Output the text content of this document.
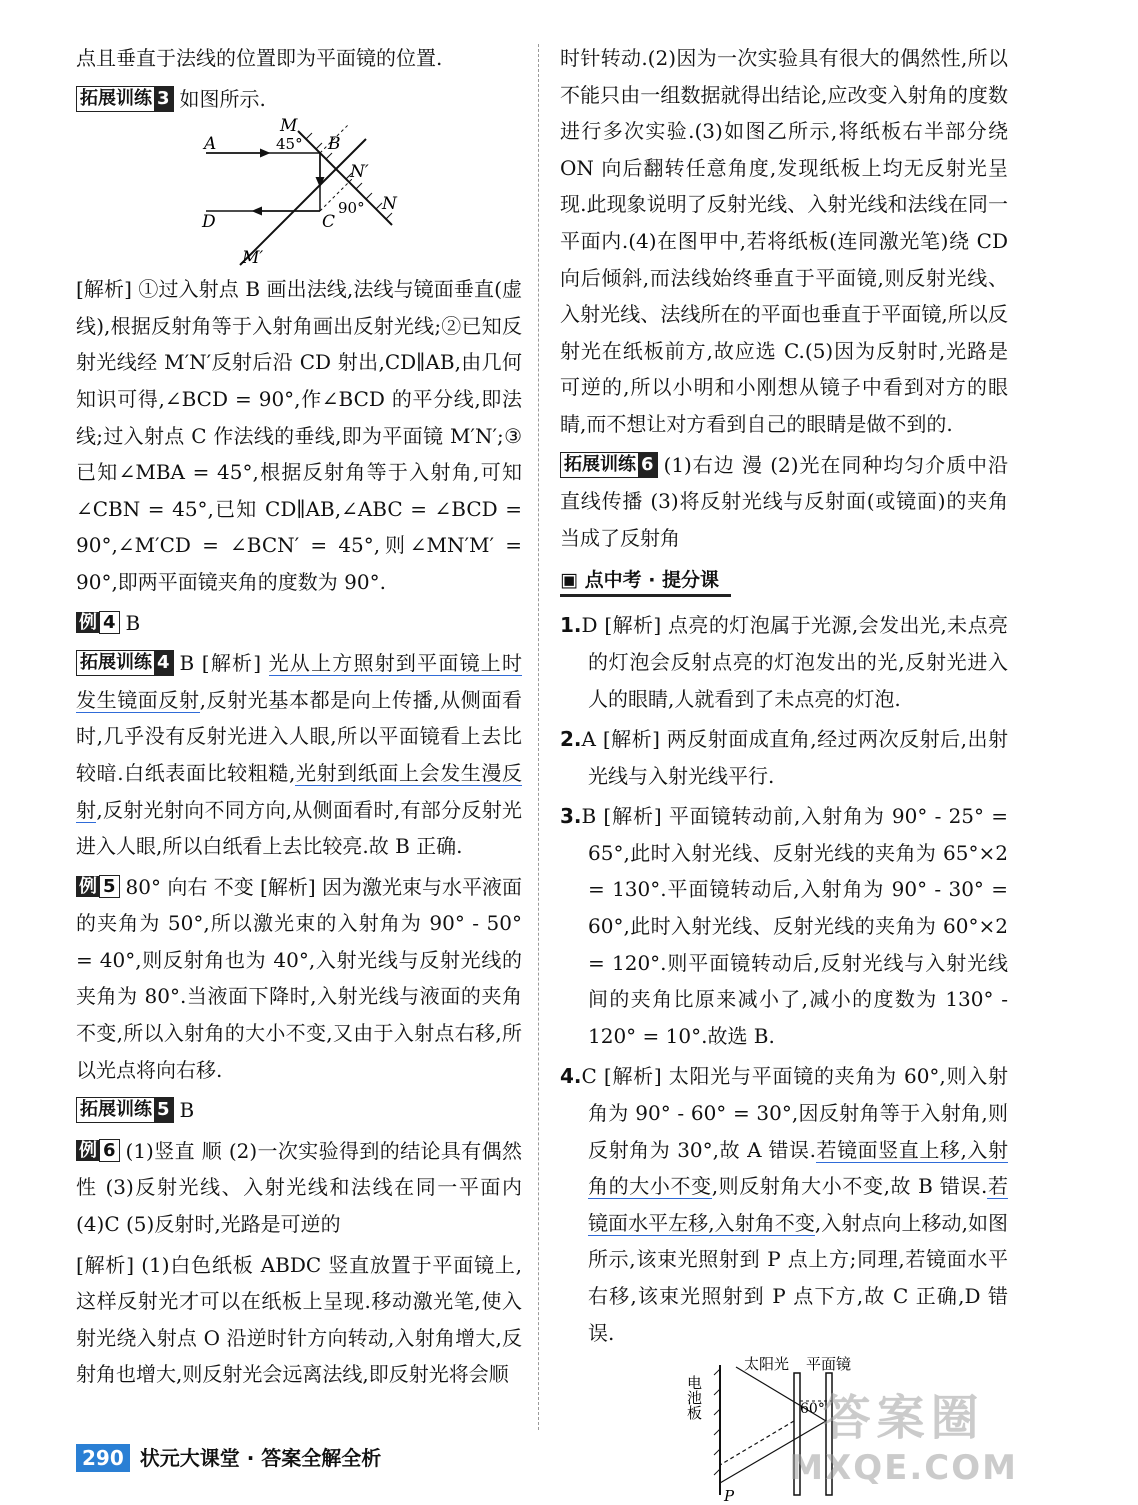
点且垂直于法线的位置即为平面镜的位置.

拓展训练 3 如图所示.

M
A	45° B
N′
D	C
90° N
M′

[解析] ①过入射点 B 画出法线,法线与镜面垂直(虚线),根据反射角等于入射角画出反射光线;②已知反射光线经 M′N′反射后沿 CD 射出,CD∥AB,由几何知识可得,∠BCD = 90°,作∠BCD 的平分线,即法线;过入射点 C 作法线的垂线,即为平面镜 M′N′;③已知∠MBA = 45°,根据反射角等于入射角,可知∠CBN = 45°,已知 CD∥AB,∠ABC = ∠BCD = 90°,∠M′CD = ∠BCN′ = 45°,则∠MN′M′ = 90°,即两平面镜夹角的度数为 90°.

例 4 B

拓展训练 4 B [解析] 光从上方照射到平面镜上时发生镜面反射,反射光基本都是向上传播,从侧面看时,几乎没有反射光进入人眼,所以平面镜看上去比较暗.白纸表面比较粗糙,光射到纸面上会发生漫反射,反射光射向不同方向,从侧面看时,有部分反射光进入人眼,所以白纸看上去比较亮.故 B 正确.

例 5 80° 向右 不变 [解析] 因为激光束与水平液面的夹角为 50°,所以激光束的入射角为 90° - 50° = 40°,则反射角也为 40°,入射光线与反射光线的夹角为 80°.当液面下降时,入射光线与液面的夹角不变,所以入射角的大小不变,又由于入射点右移,所以光点将向右移.

拓展训练 5 B

例 6 (1)竖直 顺 (2)一次实验得到的结论具有偶然性 (3)反射光线、入射光线和法线在同一平面内 (4)C (5)反射时,光路是可逆的

[解析] (1)白色纸板 ABDC 竖直放置于平面镜上,这样反射光才可以在纸板上呈现.移动激光笔,使入射光绕入射点 O 沿逆时针方向转动,入射角增大,反射角也增大,则反射光会远离法线,即反射光将会顺

时针转动.(2)因为一次实验具有很大的偶然性,所以不能只由一组数据就得出结论,应改变入射角的度数进行多次实验.(3)如图乙所示,将纸板右半部分绕 ON 向后翻转任意角度,发现纸板上均无反射光呈现.此现象说明了反射光线、入射光线和法线在同一平面内.(4)在图甲中,若将纸板(连同激光笔)绕 CD 向后倾斜,而法线始终垂直于平面镜,则反射光线、入射光线、法线所在的平面也垂直于平面镜,所以反射光在纸板前方,故应选 C.(5)因为反射时,光路是可逆的,所以小明和小刚想从镜子中看到对方的眼睛,而不想让对方看到自己的眼睛是做不到的.

拓展训练 6 (1)右边 漫 (2)光在同种均匀介质中沿直线传播 (3)将反射光线与反射面(或镜面)的夹角当成了反射角

▣ 点中考 · 提分课

1.D [解析] 点亮的灯泡属于光源,会发出光,未点亮的灯泡会反射点亮的灯泡发出的光,反射光进入人的眼睛,人就看到了未点亮的灯泡.

2.A [解析] 两反射面成直角,经过两次反射后,出射光线与入射光线平行.

3.B [解析] 平面镜转动前,入射角为 90° - 25° = 65°,此时入射光线、反射光线的夹角为 65°×2 = 130°.平面镜转动后,入射角为 90° - 30° = 60°,此时入射光线、反射光线的夹角为 60°×2 = 120°.则平面镜转动后,反射光线与入射光线间的夹角比原来减小了,减小的度数为 130° - 120° = 10°.故选 B.

4.C [解析] 太阳光与平面镜的夹角为 60°,则入射角为 90° - 60° = 30°,因反射角等于入射角,则反射角为 30°,故 A 错误.若镜面竖直上移,入射角的大小不变,则反射角大小不变,故 B 错误.若镜面水平左移,入射角不变,入射点向上移动,如图所示,该束光照射到 P 点上方;同理,若镜面水平右移,该束光照射到 P 点下方,故 C 正确,D 错误.

电池板
太阳光 平面镜
60°
P
290 状元大课堂 · 答案全解全析
答案圈
MXQE.COM
